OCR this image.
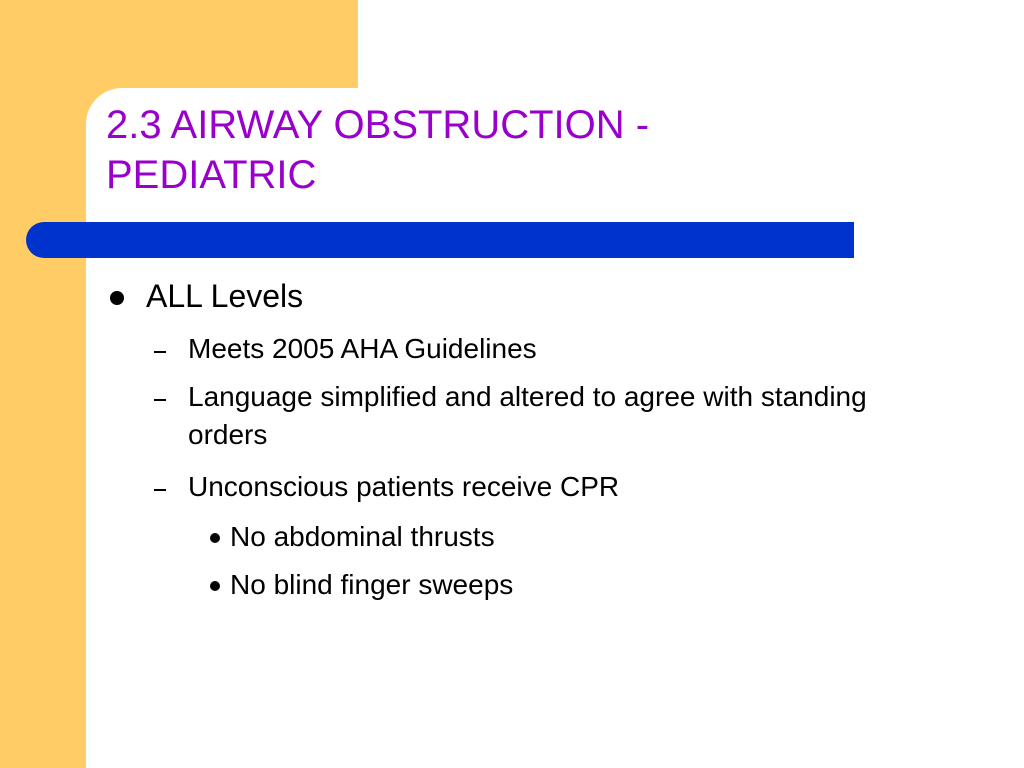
2.3 AIRWAY OBSTRUCTION -
PEDIATRIC
ALL Levels
Meets 2005 AHA Guidelines
Language simplified and altered to agree with standing orders
Unconscious patients receive CPR
No abdominal thrusts
No blind finger sweeps
